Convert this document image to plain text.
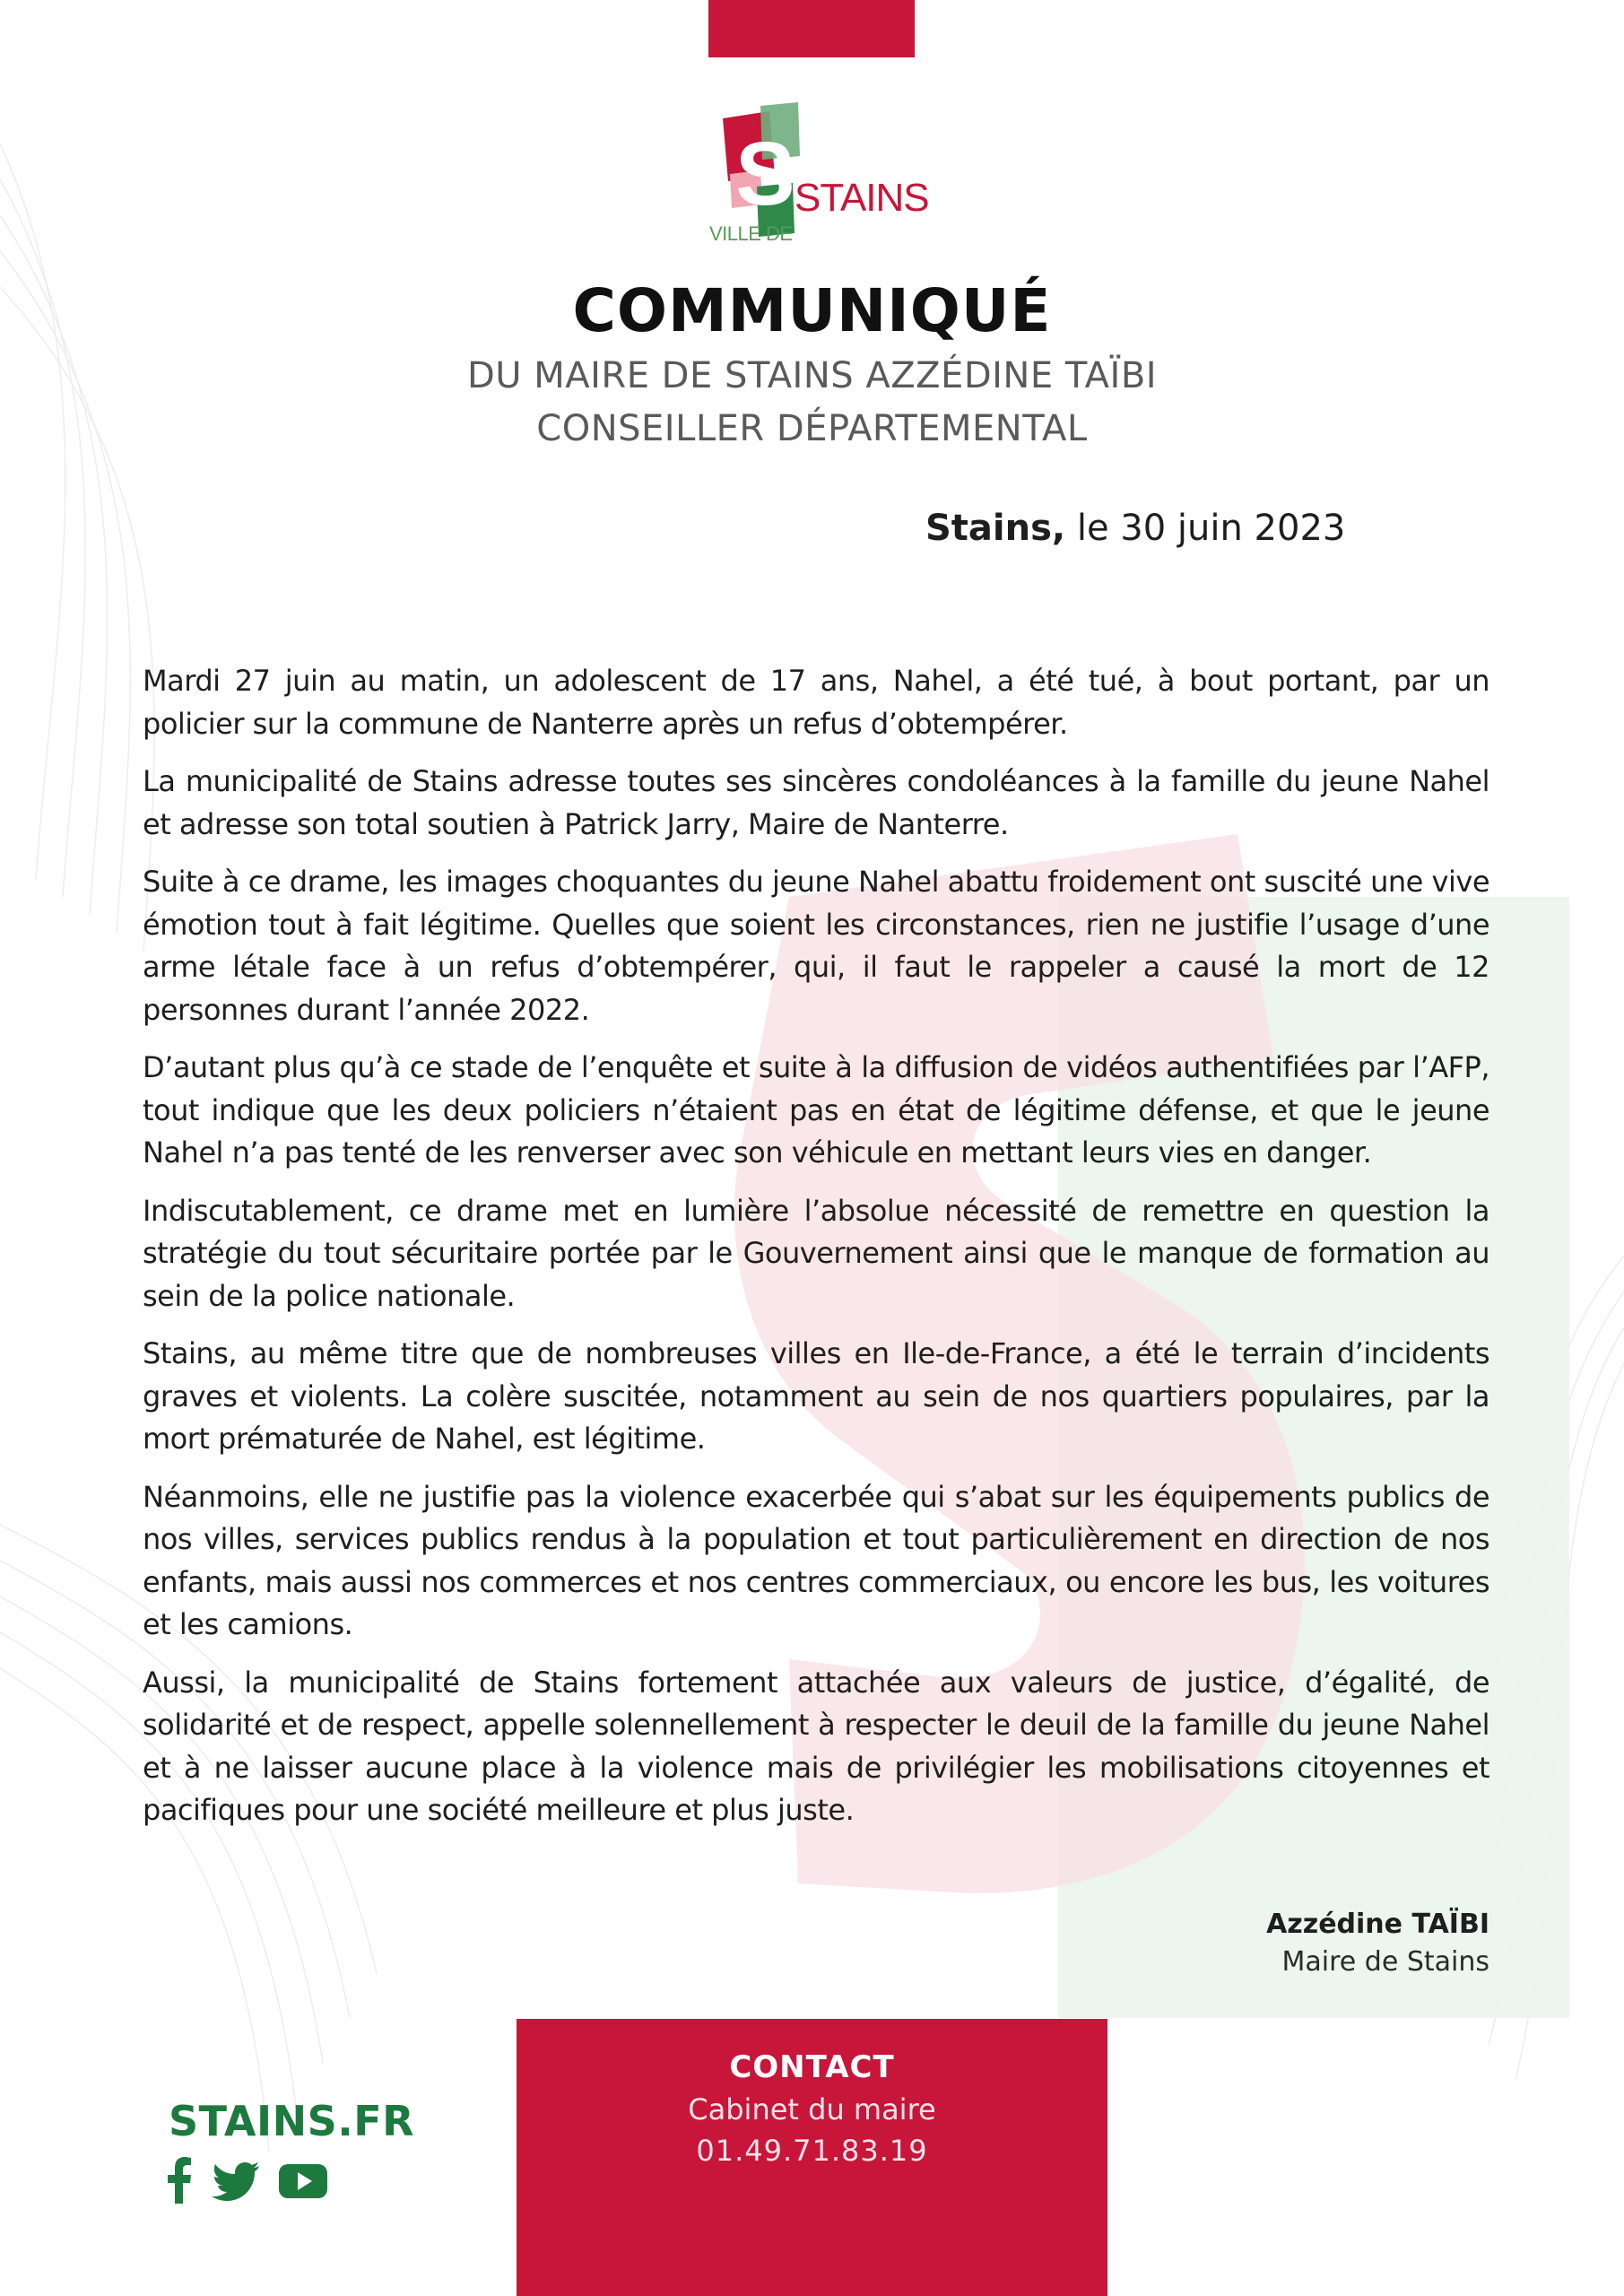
S STAINS
VILLE DE
COMMUNIQUÉ
DU MAIRE DE STAINS AZZÉDINE TAÏBI
CONSEILLER DÉPARTEMENTAL
Stains, le 30 juin 2023

Mardi 27 juin au matin, un adolescent de 17 ans, Nahel, a été tué, à bout portant, par un policier sur la commune de Nanterre après un refus d’obtempérer.

La municipalité de Stains adresse toutes ses sincères condoléances à la famille du jeune Nahel et adresse son total soutien à Patrick Jarry, Maire de Nanterre.

Suite à ce drame, les images choquantes du jeune Nahel abattu froidement ont suscité une vive émotion tout à fait légitime. Quelles que soient les circonstances, rien ne justifie l’usage d’une arme létale face à un refus d’obtempérer, qui, il faut le rappeler a causé la mort de 12 personnes durant l’année 2022.

D’autant plus qu’à ce stade de l’enquête et suite à la diffusion de vidéos authentifiées par l’AFP, tout indique que les deux policiers n’étaient pas en état de légitime défense, et que le jeune Nahel n’a pas tenté de les renverser avec son véhicule en mettant leurs vies en danger.

Indiscutablement, ce drame met en lumière l’absolue nécessité de remettre en question la stratégie du tout sécuritaire portée par le Gouvernement ainsi que le manque de formation au sein de la police nationale.

Stains, au même titre que de nombreuses villes en Ile-de-France, a été le terrain d’incidents graves et violents. La colère suscitée, notamment au sein de nos quartiers populaires, par la mort prématurée de Nahel, est légitime.

Néanmoins, elle ne justifie pas la violence exacerbée qui s’abat sur les équipements publics de nos villes, services publics rendus à la population et tout particulièrement en direction de nos enfants, mais aussi nos commerces et nos centres commerciaux, ou encore les bus, les voitures et les camions.

Aussi, la municipalité de Stains fortement attachée aux valeurs de justice, d’égalité, de solidarité et de respect, appelle solennellement à respecter le deuil de la famille du jeune Nahel et à ne laisser aucune place à la violence mais de privilégier les mobilisations citoyennes et pacifiques pour une société meilleure et plus juste.

Azzédine TAÏBI
Maire de Stains
CONTACT
Cabinet du maire
01.49.71.83.19
STAINS.FR
